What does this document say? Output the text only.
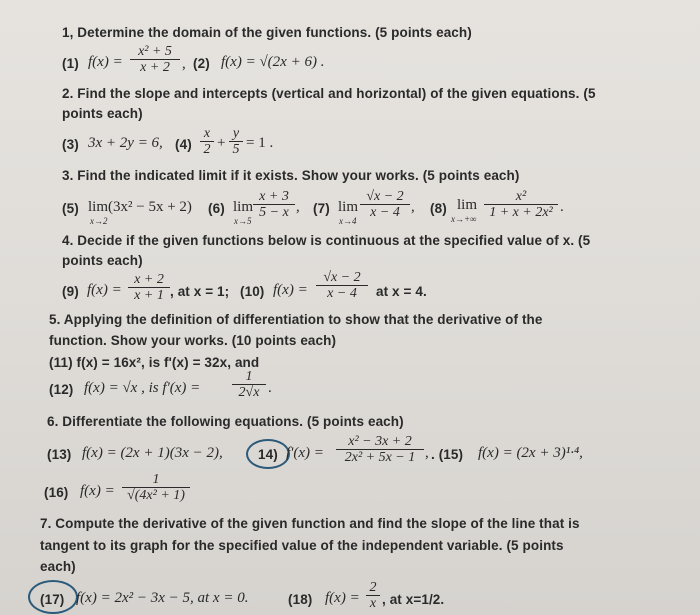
1, Determine the domain of the given functions. (5 points each)
(1) $f(x) = \frac{\text{x² + 5}}{x + 2}$ , (2) f(x) = √(2x + 6) .
2. Find the slope and intercepts (vertical and horizontal) of the given equations. (5
points each)
(3) 3x + 2y = 6, $(4) \frac{x}{2} + \frac{y}{5} = 1$ .
3. Find the indicated limit if it exists. Show your works. (5 points each)
(5) lim(3x² − 5x + 2)
x→2
(6) lim
x→5
$\frac{x + 3}{5 - x}$ , (7) lim
x→4
$\frac{√x - 2}{x - 4}$ , (8) lim
$x\to+\infty \frac{\text{x²}}{\text{1 + x + 2x²}}$ .
4. Decide if the given functions below is continuous at the specified value of x. (5
points each)
(9) $f(x) = \frac{x + 2}{x + 1}$ , at x = 1; (10) $f(x) = \frac{√x - 2}{x - 4}$ at x = 4.
5. Applying the definition of differentiation to show that the derivative of the
function. Show your works. (10 points each)
(11) f(x) = 16x², is f'(x) = 32x, and
(12) f(x) = √x , is $f'(x) = \frac{1}{2√x}$ .
6. Differentiate the following equations. (5 points each)
(13) f(x) = (2x + 1)(3x − 2),	14) $f'(x) = \frac{\text{x² − 3x + 2}}{\text{2x² + 5x − 1}}$ , . (15) f(x) = (2x + 3)¹·⁴,
(16) $f(x) = \frac{1}{\text{√(4x² + 1)}}$
7. Compute the derivative of the given function and find the slope of the line that is
tangent to its graph for the specified value of the independent variable. (5 points
each)
(17) f(x) = 2x² − 3x − 5, at x = 0.	(18) $f(x) = \frac{2}{x}$ , at x=1/2.
